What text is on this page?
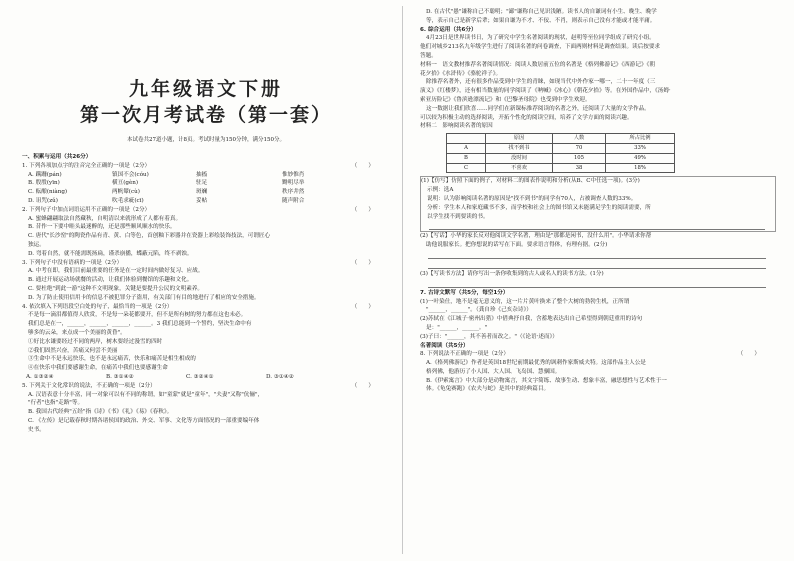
九年级语文下册
第一次月考试卷（第一套）
本试卷共27道小题，计8页。考试时量为150分钟，满分150分。
一、积累与运用（共26分）
1. 下列各项加点字的注音完全正确的一项是（2分）	（　　）
A. 蹒跚(pán)	镇国不会(cóu)	抽搐	惟妙惟肖
B. 殷殷(yīn)	横亘(gèn)	驻足	黝明尽举
C. 酝酿(niàng)	两帆颦(cù)	斑斓	秩序井然
D. 诅咒(zǔ)	吹毛求疵(cī)	妥帖	随声附合
2. 下列句子中加点词语运用不正确的一项是（2分）	（　　）
A. 蜜蜂翩翩取法自然藏秋，自明清以来就形成了人都有着真。
B. 昔作一下要中畦头最迷醉的，还是那些顺风顺水的快乐。
C. 唐代"长沙窑"的陶瓷作品有青、黄、白等色，首创釉下彩器并在瓷器上彩绘装饰技法，可谓匠心
独运。
D. 弯着自然，就不能需既扬扁，谨杀崩播，蝶蔽元陷，终不剥蚀。
3. 下列句子中没有语病的一项是（2分）	（　　）
A. 中考在即，我们目前最重要的任务是在一定时间内做好复习、应战。
B. 通过开展运动场就餐的活动，让我们体验到餐馆的乐趣和文化。
C. 要杜绝"到此一游"这种不文明现象，关键是要提升公民的文明素养。
D. 为了防止使用信用卡的信息不被犯罪分子盗用，有关部门有目的地进行了相应的安全措施。
4. 依次填入下列语段空白处的句子，最恰当的一项是（2分）	（　　）
不是每一滴泪都值得人欣赏，不是每一朵花都要开，但不是所有树的努力都在这也未必。
我们总是在一，______，______，______，______。3 我们总能到一个誓约，坚决生命中有
够多的云朵，来点成一个美丽的黄昏"。
①好比水谦要经过不同的两岸，树木要经过漫雪的四时
②我们固然兴奋，苦痛又何尝不美丽
③生命中不是永远快乐，也不是永远痛苦，快乐和痛苦是相生相成的
④在快乐中我们要感谢生命，在痛苦中我们也要感谢生命
A. ①③②④	B. ③①④②	C. ③②④①	D. ③①④②
5. 下列关于文化常识的说法，不正确的一项是（2分）	（　　）
A. 汉语表意十分丰富，同一对象可以有不同的称谓，如"童蒙"就是"童年"，"夫妻"又称"伉俪"，
"行者"也指"走路"等。
B. 我国古代经典"五经"指《诗》《书》《礼》《易》《春秋》。
C. 《左传》是记载春秋时期各诸侯国的政治、外交、军事、文化等方面情况的一部重要编年体
史书。
D. 在古代"愚"谦称自己不聪明；"鄙"谦称自己见识浅陋。读书人的自谦词有小生、晚生、晚学
等，表示自己是新学后辈；如果自谦为不才、不佞、不肖，则表示自己没有才能或才能平庸。
6. 综合运用（共6分）
4月23日是世界读书日，为了研究中学生名著阅读的现状，赵明等至位同学组成了研究小组。
他们对城乡213名九年级学生进行了阅读名著的问卷调查，下面两则材料是调查结果。读后按要求
答题。
材料一　语文教材推荐名著阅读情况：阅读人数居前五位的名著是《格列佛游记》《西游记》《朝
花夕拾》《水浒传》《骆驼祥子》。
除推荐名著外，还有很多作品受到中学生的青睐，如现当代中外作家一哪一，二十一年度（三
演义》《红楼梦》，还有相当数量的同学阅读了《呐喊》《冰心》《朝花夕拾》等。在外国作品中，《汤姆·
索亚历险记》《鲁滨逊漂流记》和《巴黎圣母院》也受到中学生欢迎。
这一数据让我们欣喜……同学们在新课标推荐阅读的名著之外，还阅读了大量的文学作品。
可以较为积极主动的选择阅读，开拓个性化的阅读空间，培养了文学方面的阅读兴趣。
材料二　影响阅读名著的原因
	原因	人数	所占比例
A	找不到书	70	33%
B	没时间	105	49%
C	不喜欢	38	18%
(1)【仿写】仿照下面的例子，对材料二的图表作说明和分析(从B、C中任选一项)。(3分)
示例：选A
说明：认为影响阅读名著的原因是"找不到书"的同学有70人，占被调查人数的33%。
分析：学生本人和家庭藏书不多，而学校和社会上的图书馆又未能满足学生的阅读需要，所
以学生找不到要读的书。
(2)【写话】小华的家长反对他阅读文学名著，理由是"那都是闲书，没什么用"。小华请求你帮
助他说服家长。把你想说的话写在下面。要求语言得体，有理有据。(2分)
(3)【写读书方法】请你写出一条你收集到的古人或名人的读书方法。(1分)
7. 古诗文默写（共5分，每空1分）
(1)一叶染仕，地不是毫无意义的，这一片片黄叶换来了整个大树的勃勃生机，正所谓
"______，______"。（龚自珍《己亥杂诗》）
(2)苏轼在《江城子·密州出猎》中借典抒自我，含蓄地表达出自己希望得到朝廷重用的诗句
是："______，______。"
(3)子曰："______，其不善者而改之。"（《论语·述而》）
名著阅读（共5分）
8. 下列说法不正确的一项是（2分）	（　　）
A.《格列佛游记》作者是英国18世纪前期最优秀的讽刺作家斯威夫特。这部作品主人公是
格列佛，他游历了小人国、大人国、飞岛国、慧骃国。
B.《伊索寓言》中大部分是动物寓言，其文字简练、故事生动、想象丰富，融思想性与艺术性于一
体。《龟兔赛跑》《农夫与蛇》是其中的经典篇目。
